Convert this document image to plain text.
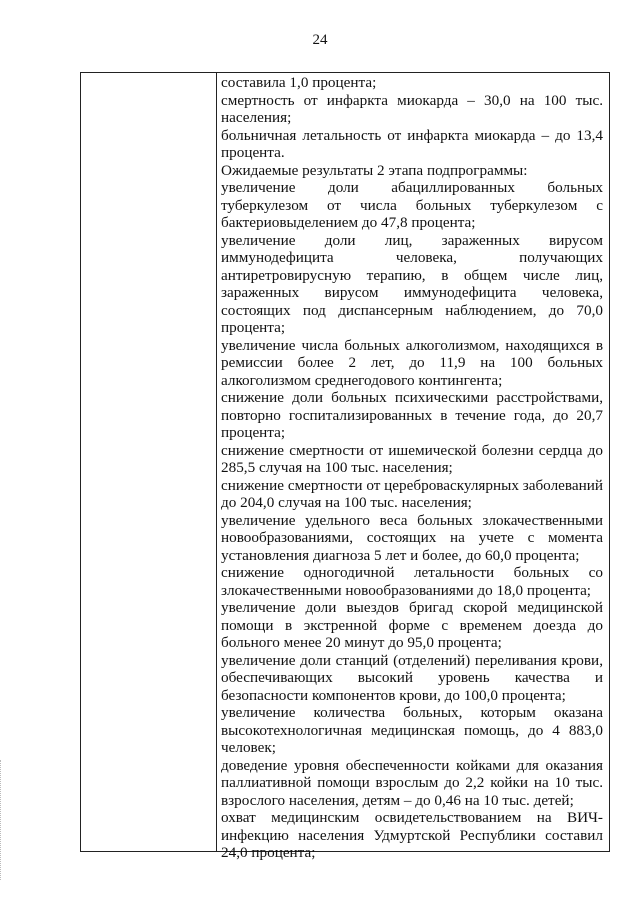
24

составила 1,0 процента;

смертность от инфаркта миокарда – 30,0 на 100 тыс. населения;

больничная летальность от инфаркта миокарда – до 13,4 процента.

Ожидаемые результаты 2 этапа подпрограммы:

увеличение доли абациллированных больных туберкулезом от числа больных туберкулезом с бактериовыделением до 47,8 процента;

увеличение доли лиц, зараженных вирусом иммунодефицита человека, получающих антиретровирусную терапию, в общем числе лиц, зараженных вирусом иммунодефицита человека, состоящих под диспансерным наблюдением, до 70,0 процента;

увеличение числа больных алкоголизмом, находящихся в ремиссии более 2 лет, до 11,9 на 100 больных алкоголизмом среднегодового контингента;

снижение доли больных психическими расстройствами, повторно госпитализированных в течение года, до 20,7 процента;

снижение смертности от ишемической болезни сердца до 285,5 случая на 100 тыс. населения;

снижение смертности от цереброваскулярных заболеваний до 204,0 случая на 100 тыс. населения;

увеличение удельного веса больных злокачественными новообразованиями, состоящих на учете с момента установления диагноза 5 лет и более, до 60,0 процента;

снижение одногодичной летальности больных со злокачественными новообразованиями до 18,0 процента;

увеличение доли выездов бригад скорой медицинской помощи в экстренной форме с временем доезда до больного менее 20 минут до 95,0 процента;

увеличение доли станций (отделений) переливания крови, обеспечивающих высокий уровень качества и безопасности компонентов крови, до 100,0 процента;

увеличение количества больных, которым оказана высокотехнологичная медицинская помощь, до 4 883,0 человек;

доведение уровня обеспеченности койками для оказания паллиативной помощи взрослым до 2,2 койки на 10 тыс. взрослого населения, детям – до 0,46 на 10 тыс. детей;

охват медицинским освидетельствованием на ВИЧ-инфекцию населения Удмуртской Республики составил 24,0 процента;
